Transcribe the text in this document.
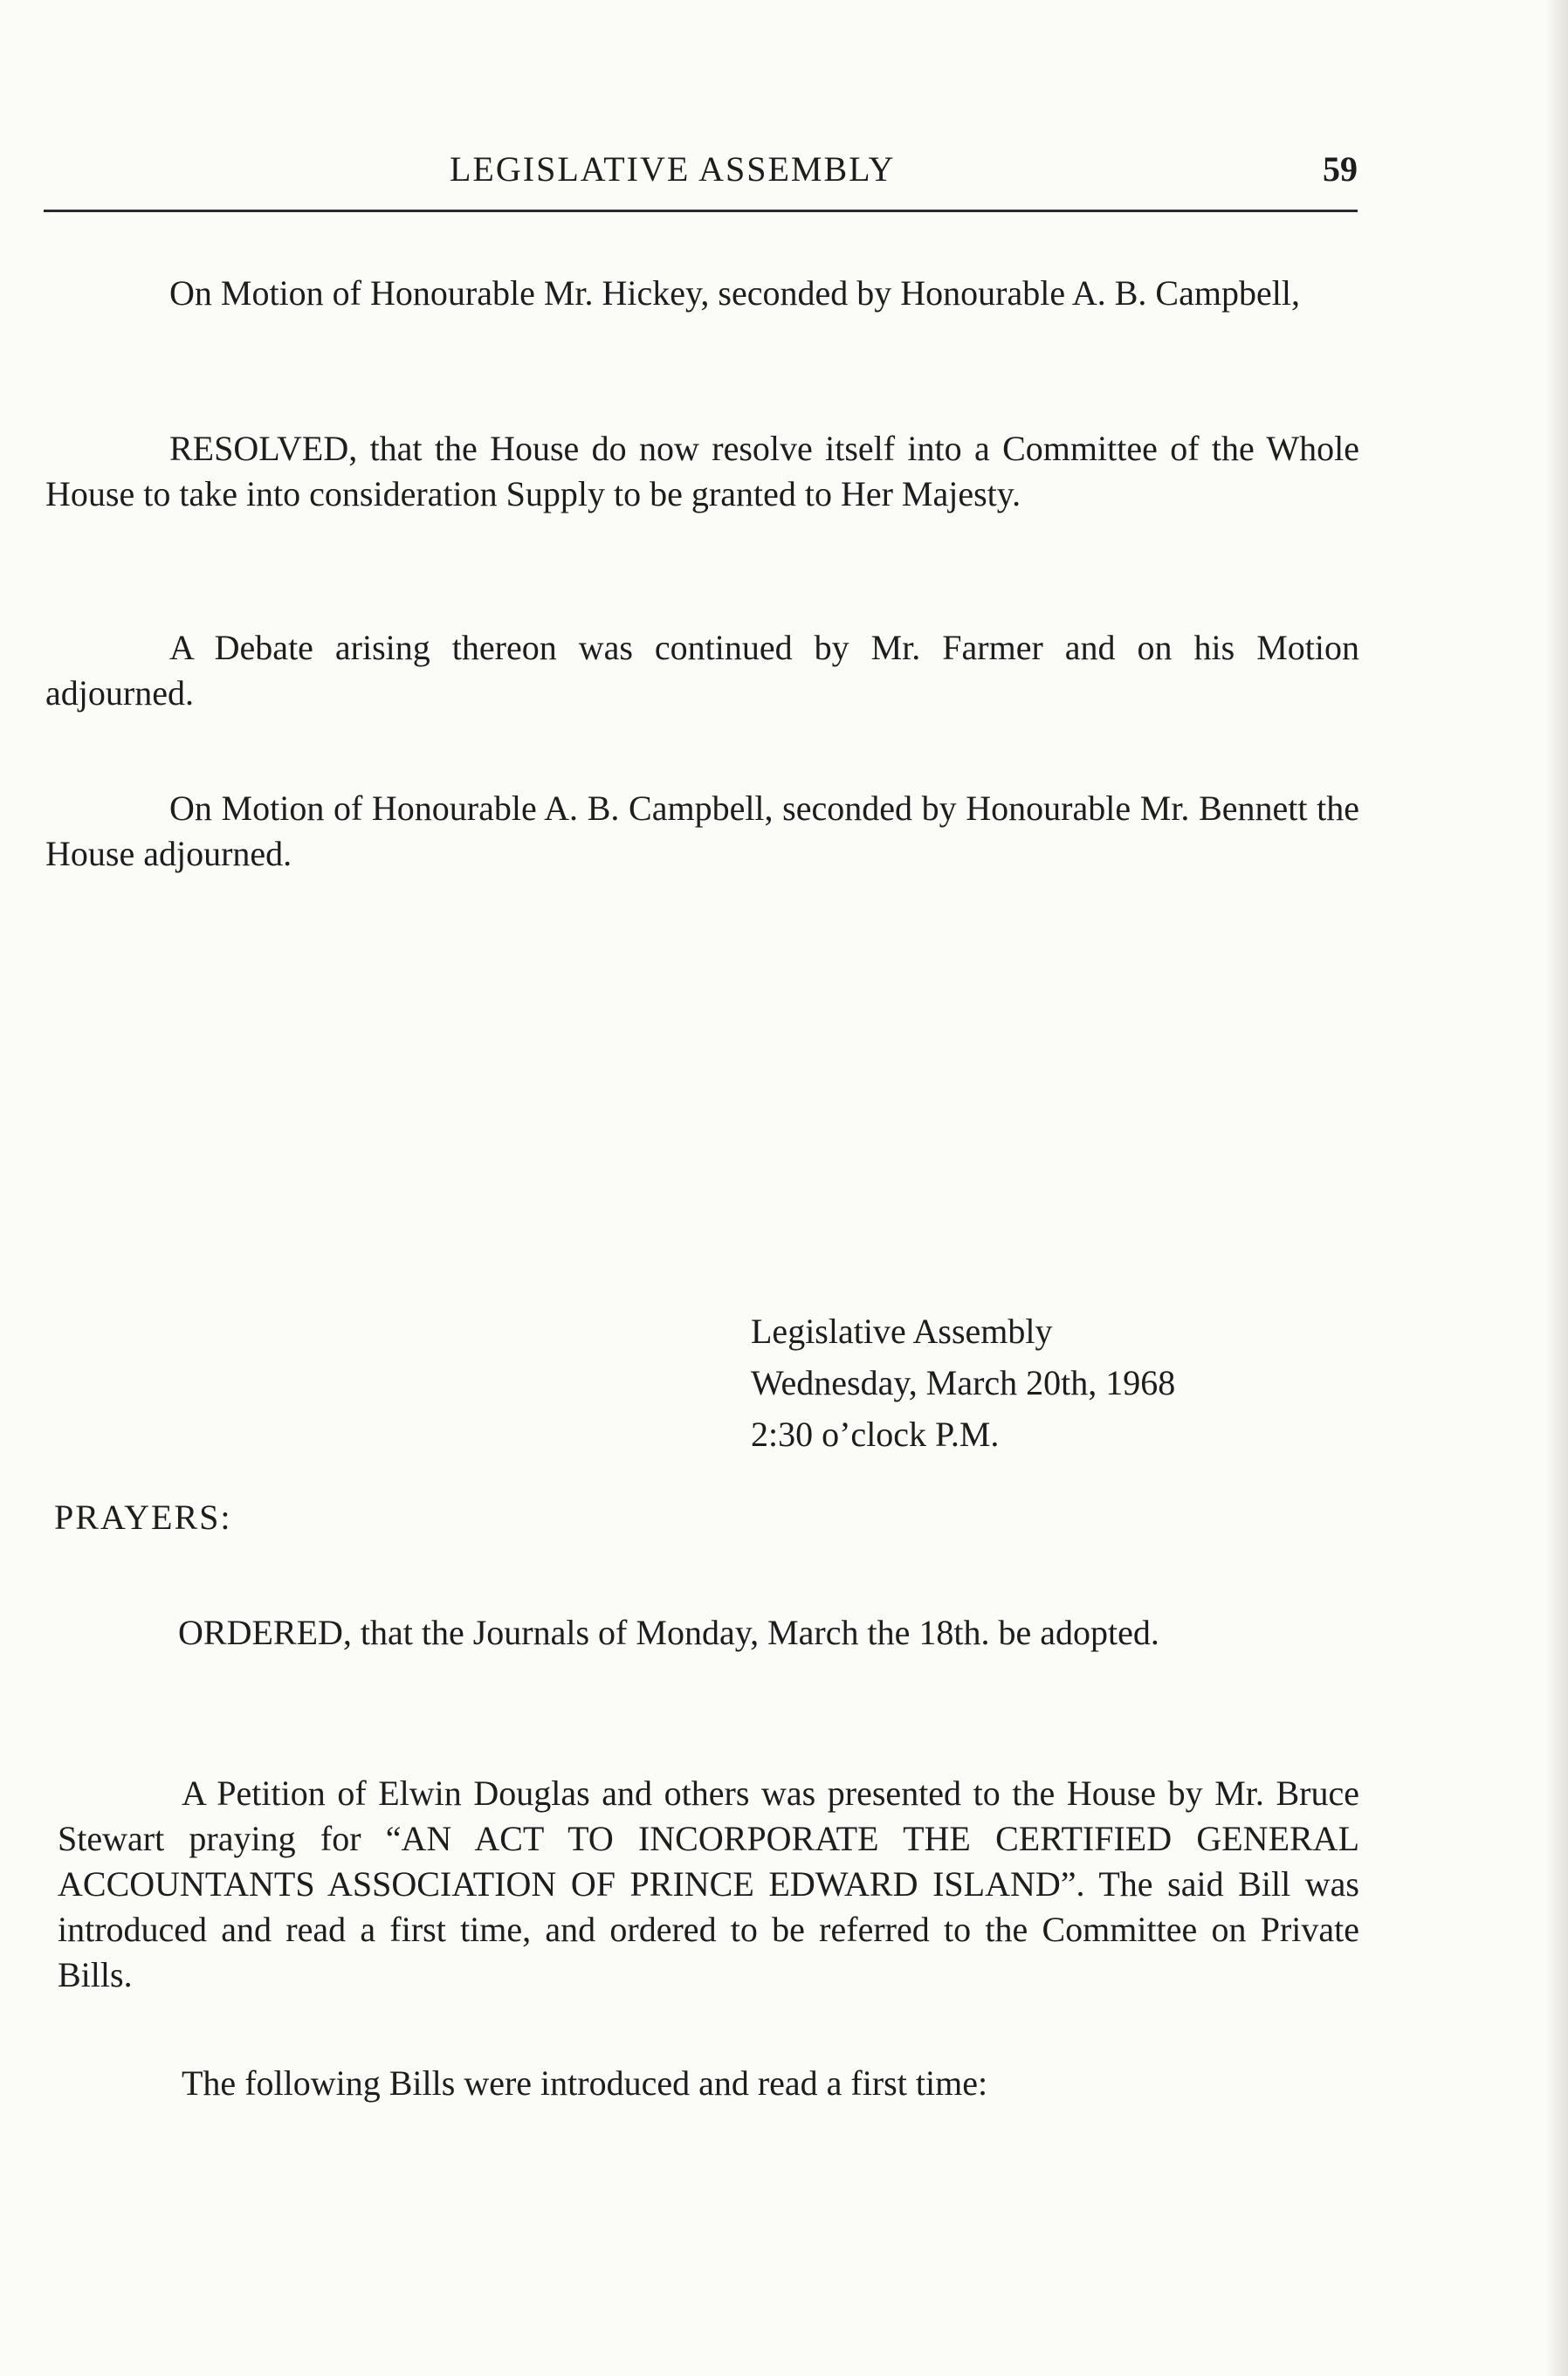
LEGISLATIVE ASSEMBLY	59

On Motion of Honourable Mr. Hickey, seconded by Honourable A. B. Campbell,

RESOLVED, that the House do now resolve itself into a Committee of the Whole House to take into consideration Supply to be granted to Her Majesty.

A Debate arising thereon was continued by Mr. Farmer and on his Motion adjourned.

On Motion of Honourable A. B. Campbell, seconded by Honourable Mr. Bennett the House adjourned.

Legislative Assembly
Wednesday, March 20th, 1968
2:30 o’clock P.M.

PRAYERS:

ORDERED, that the Journals of Monday, March the 18th. be adopted.

A Petition of Elwin Douglas and others was presented to the House by Mr. Bruce Stewart praying for “AN ACT TO INCORPORATE THE CERTIFIED GENERAL ACCOUNTANTS ASSOCIATION OF PRINCE EDWARD ISLAND”. The said Bill was introduced and read a first time, and ordered to be referred to the Committee on Private Bills.

The following Bills were introduced and read a first time:
